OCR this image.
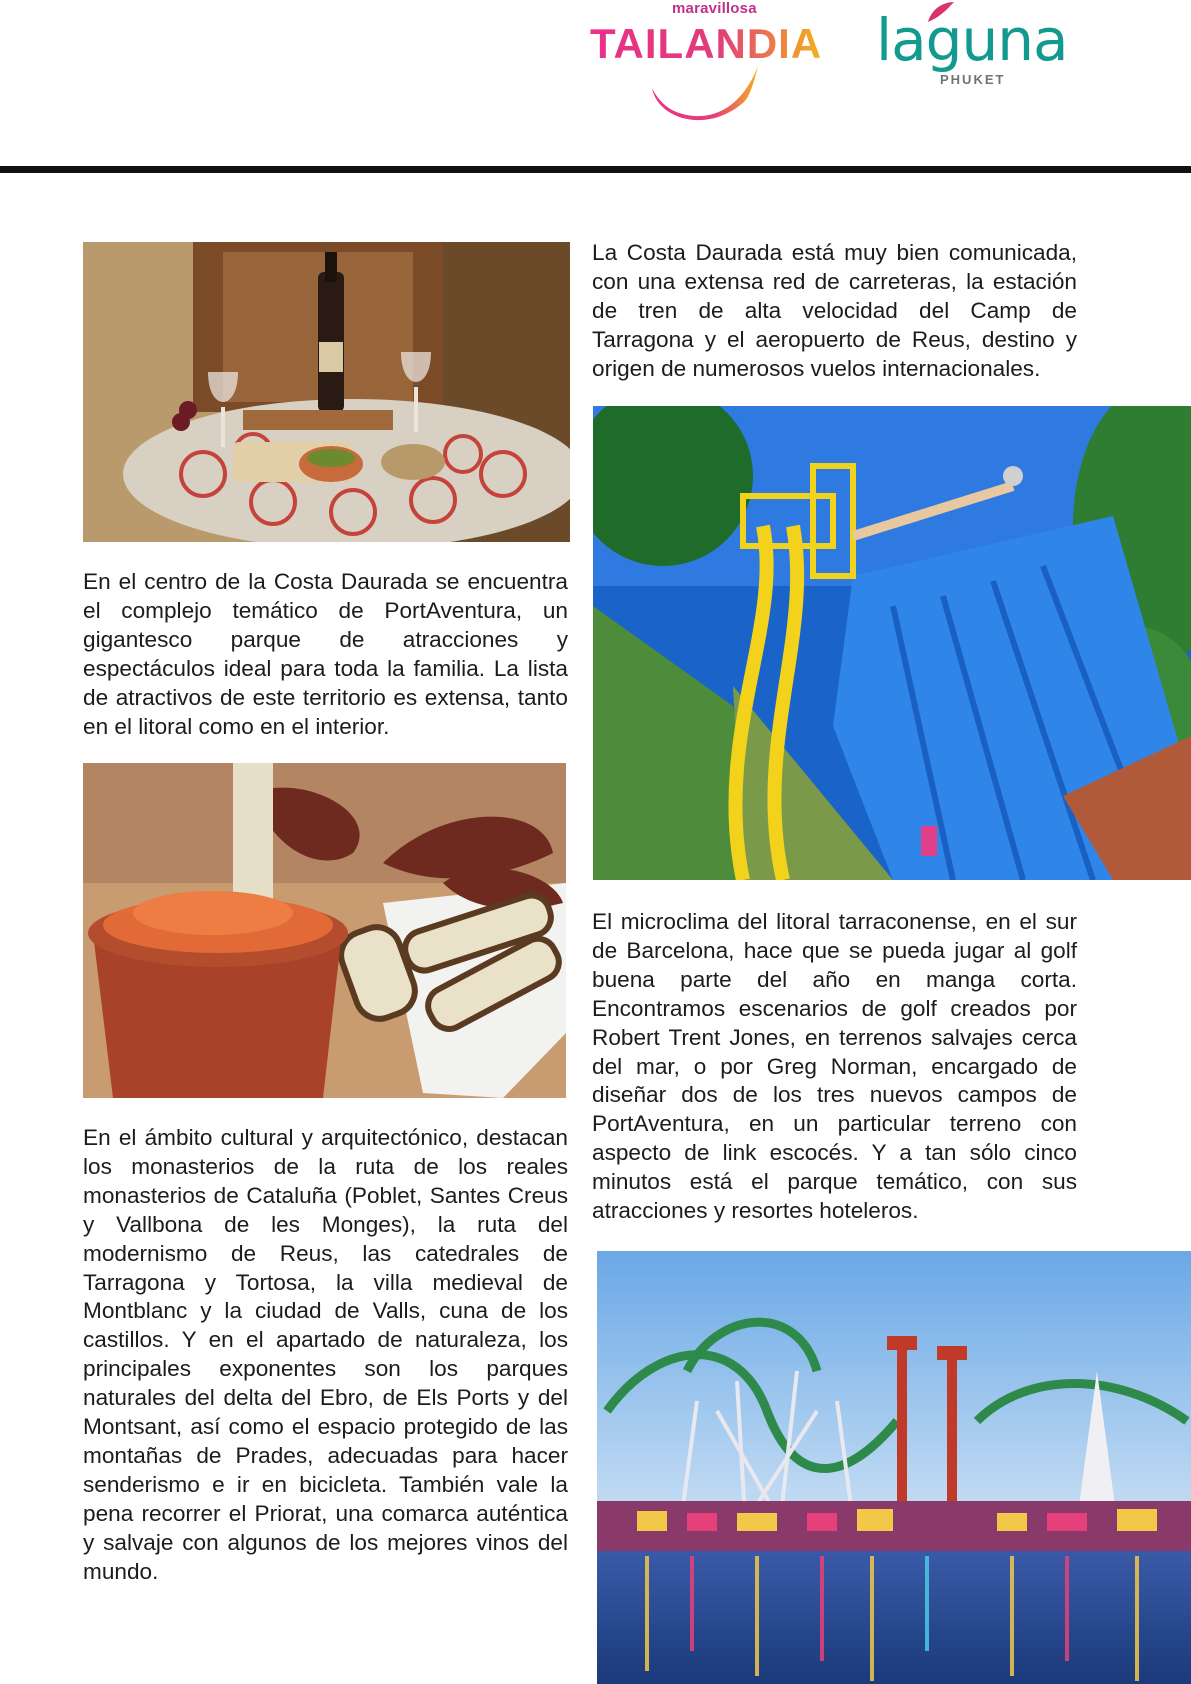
maravillosa
TAILANDIA laguna
PHUKET

En el centro de la Costa Daurada se encuentra el complejo temático de PortAventura, un gigantesco parque de atracciones y espectáculos ideal para toda la familia. La lista de atractivos de este territorio es extensa, tanto en el litoral como en el interior.

En el ámbito cultural y arquitectónico, destacan los monasterios de la ruta de los reales monasterios de Cataluña (Poblet, Santes Creus y Vallbona de les Monges), la ruta del modernismo de Reus, las catedrales de Tarragona y Tortosa, la villa medieval de Montblanc y la ciudad de Valls, cuna de los castillos. Y en el apartado de naturaleza, los principales exponentes son los parques naturales del delta del Ebro, de Els Ports y del Montsant, así como el espacio protegido de las montañas de Prades, adecuadas para hacer senderismo e ir en bicicleta. También vale la pena recorrer el Priorat, una comarca auténtica y salvaje con algunos de los mejores vinos del mundo.

La Costa Daurada está muy bien comunicada, con una extensa red de carreteras, la estación de tren de alta velocidad del Camp de Tarragona y el aeropuerto de Reus, destino y origen de numerosos vuelos internacionales.

El microclima del litoral tarraconense, en el sur de Barcelona, hace que se pueda jugar al golf buena parte del año en manga corta. Encontramos escenarios de golf creados por Robert Trent Jones, en terrenos salvajes cerca del mar, o por Greg Norman, encargado de diseñar dos de los tres nuevos campos de PortAventura, en un particular terreno con aspecto de link escocés. Y a tan sólo cinco minutos está el parque temático, con sus atracciones y resortes hoteleros.
